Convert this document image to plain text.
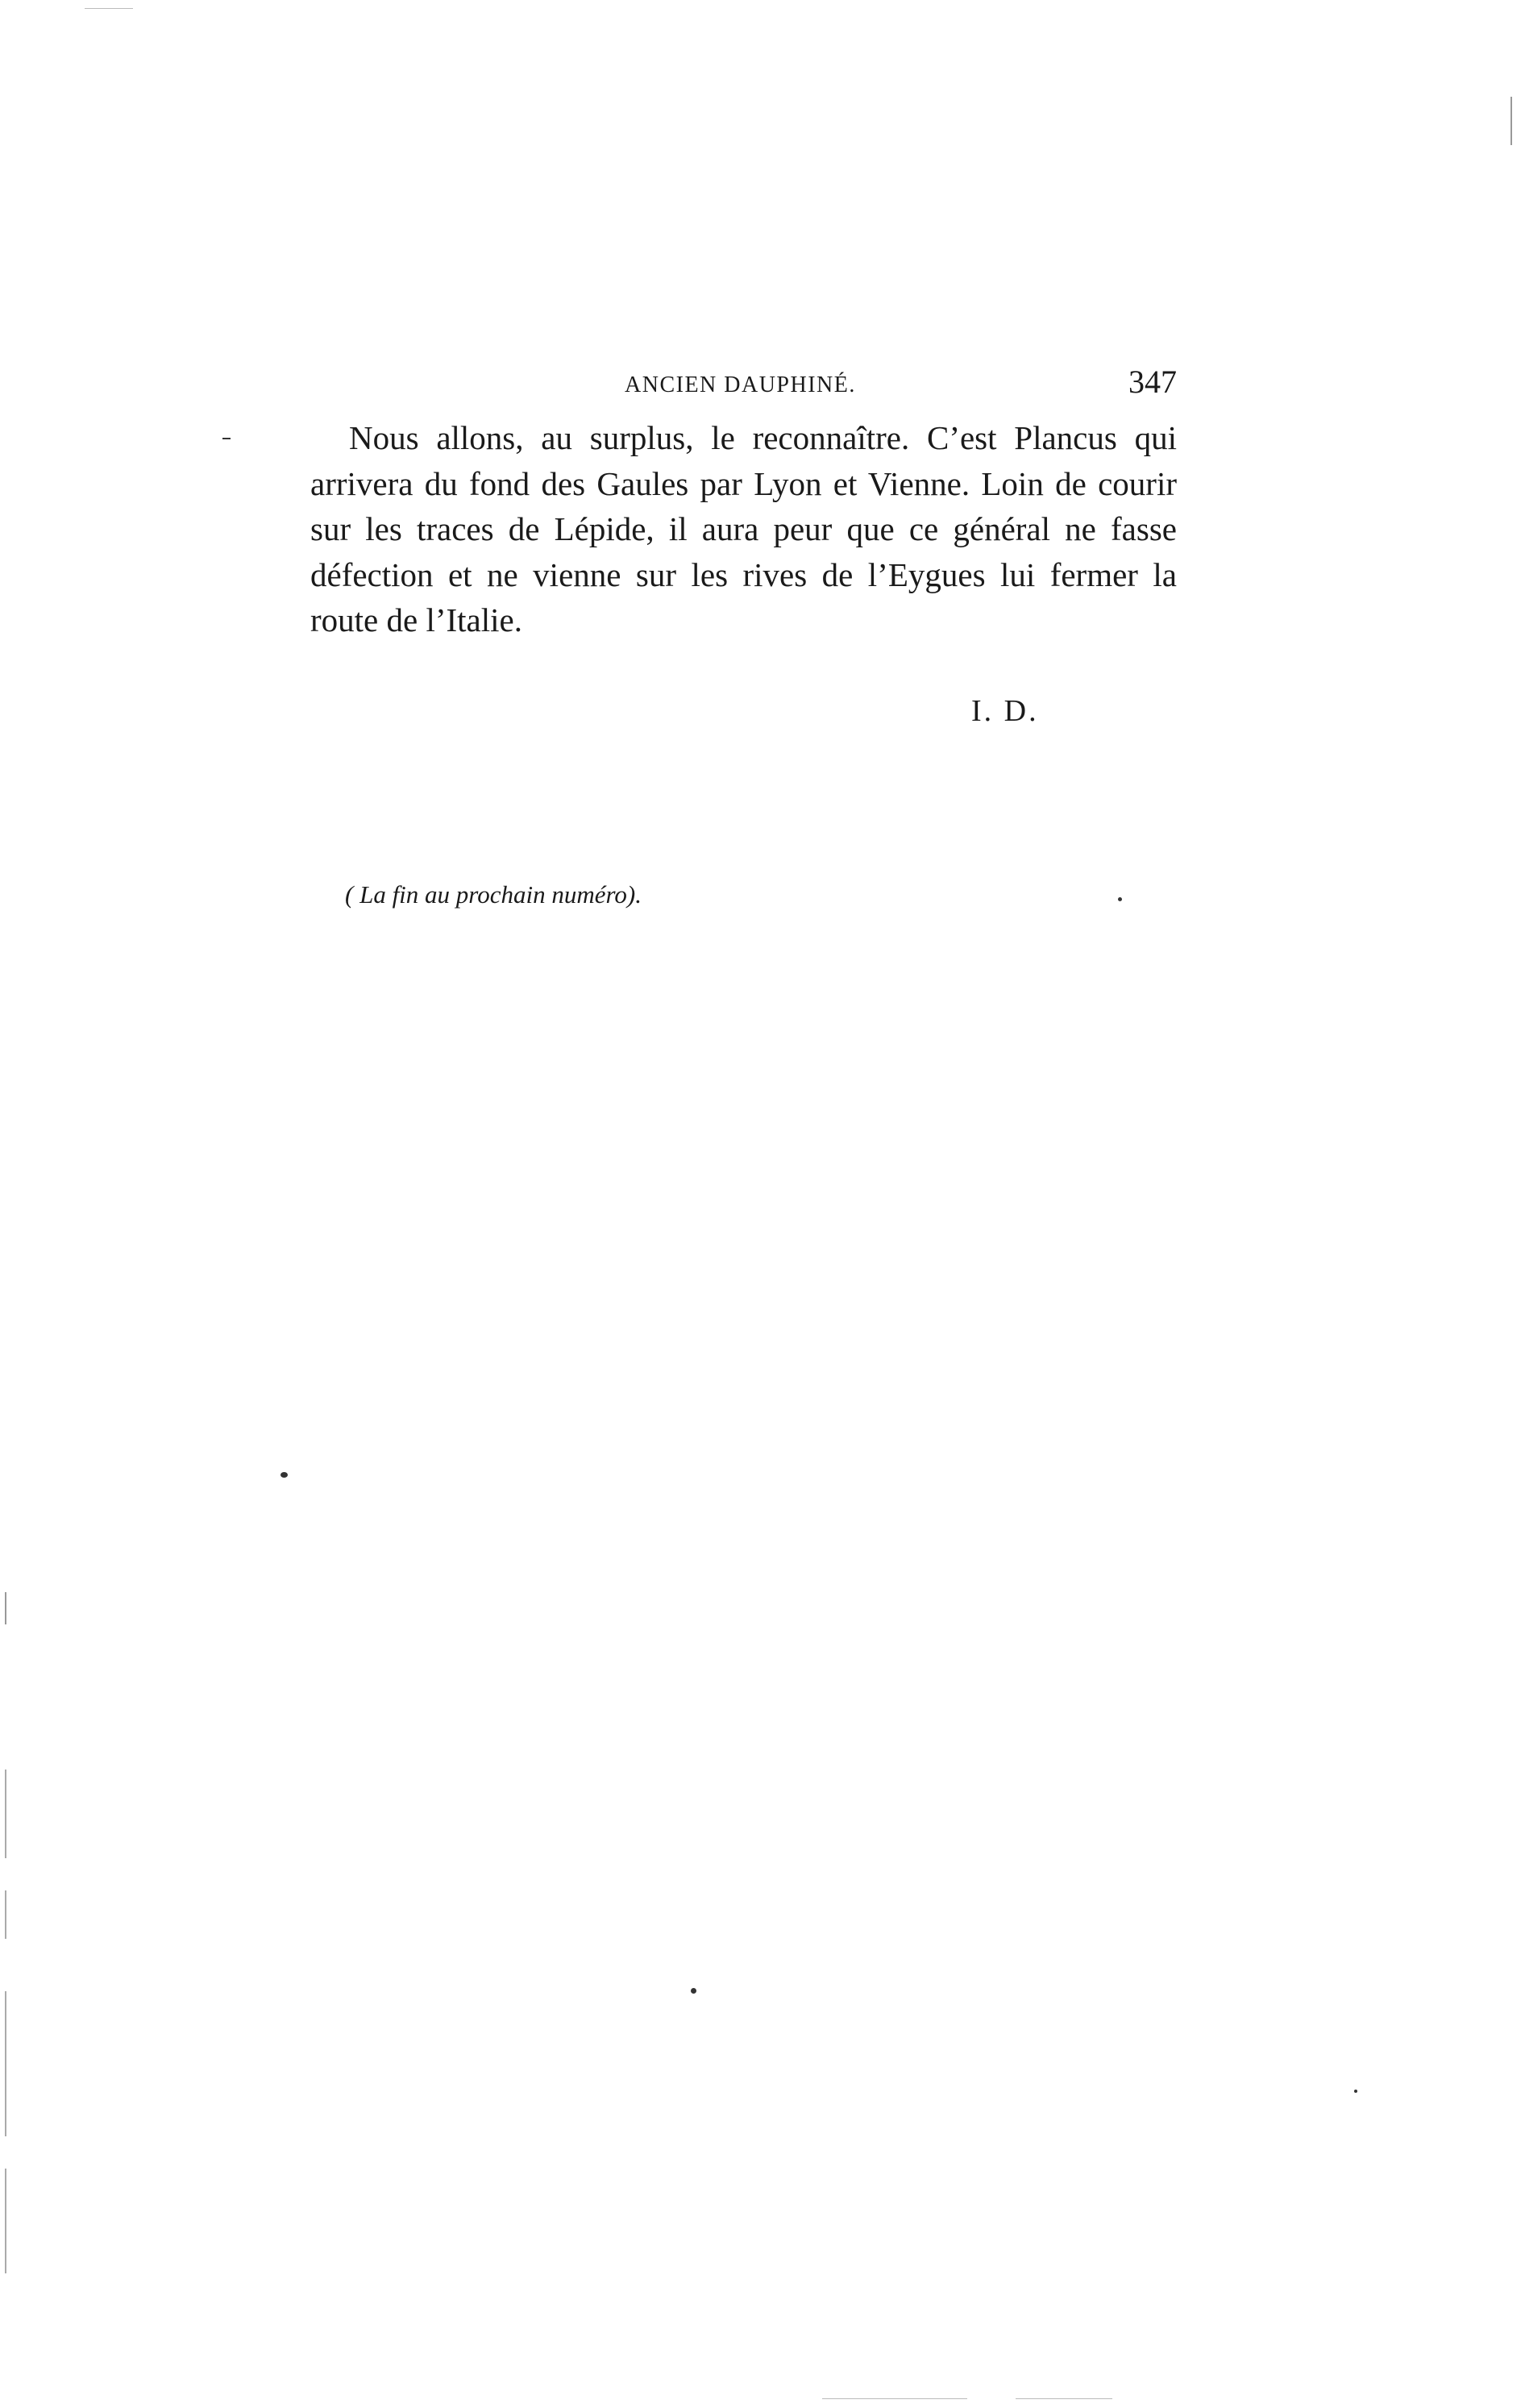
ANCIEN DAUPHINÉ.	347

Nous allons, au surplus, le reconnaître. C’est Plancus qui arrivera du fond des Gaules par Lyon et Vienne. Loin de courir sur les traces de Lépide, il aura peur que ce général ne fasse défection et ne vienne sur les rives de l’Eygues lui fermer la route de l’Italie.

I. D.
( La fin au prochain numéro).
